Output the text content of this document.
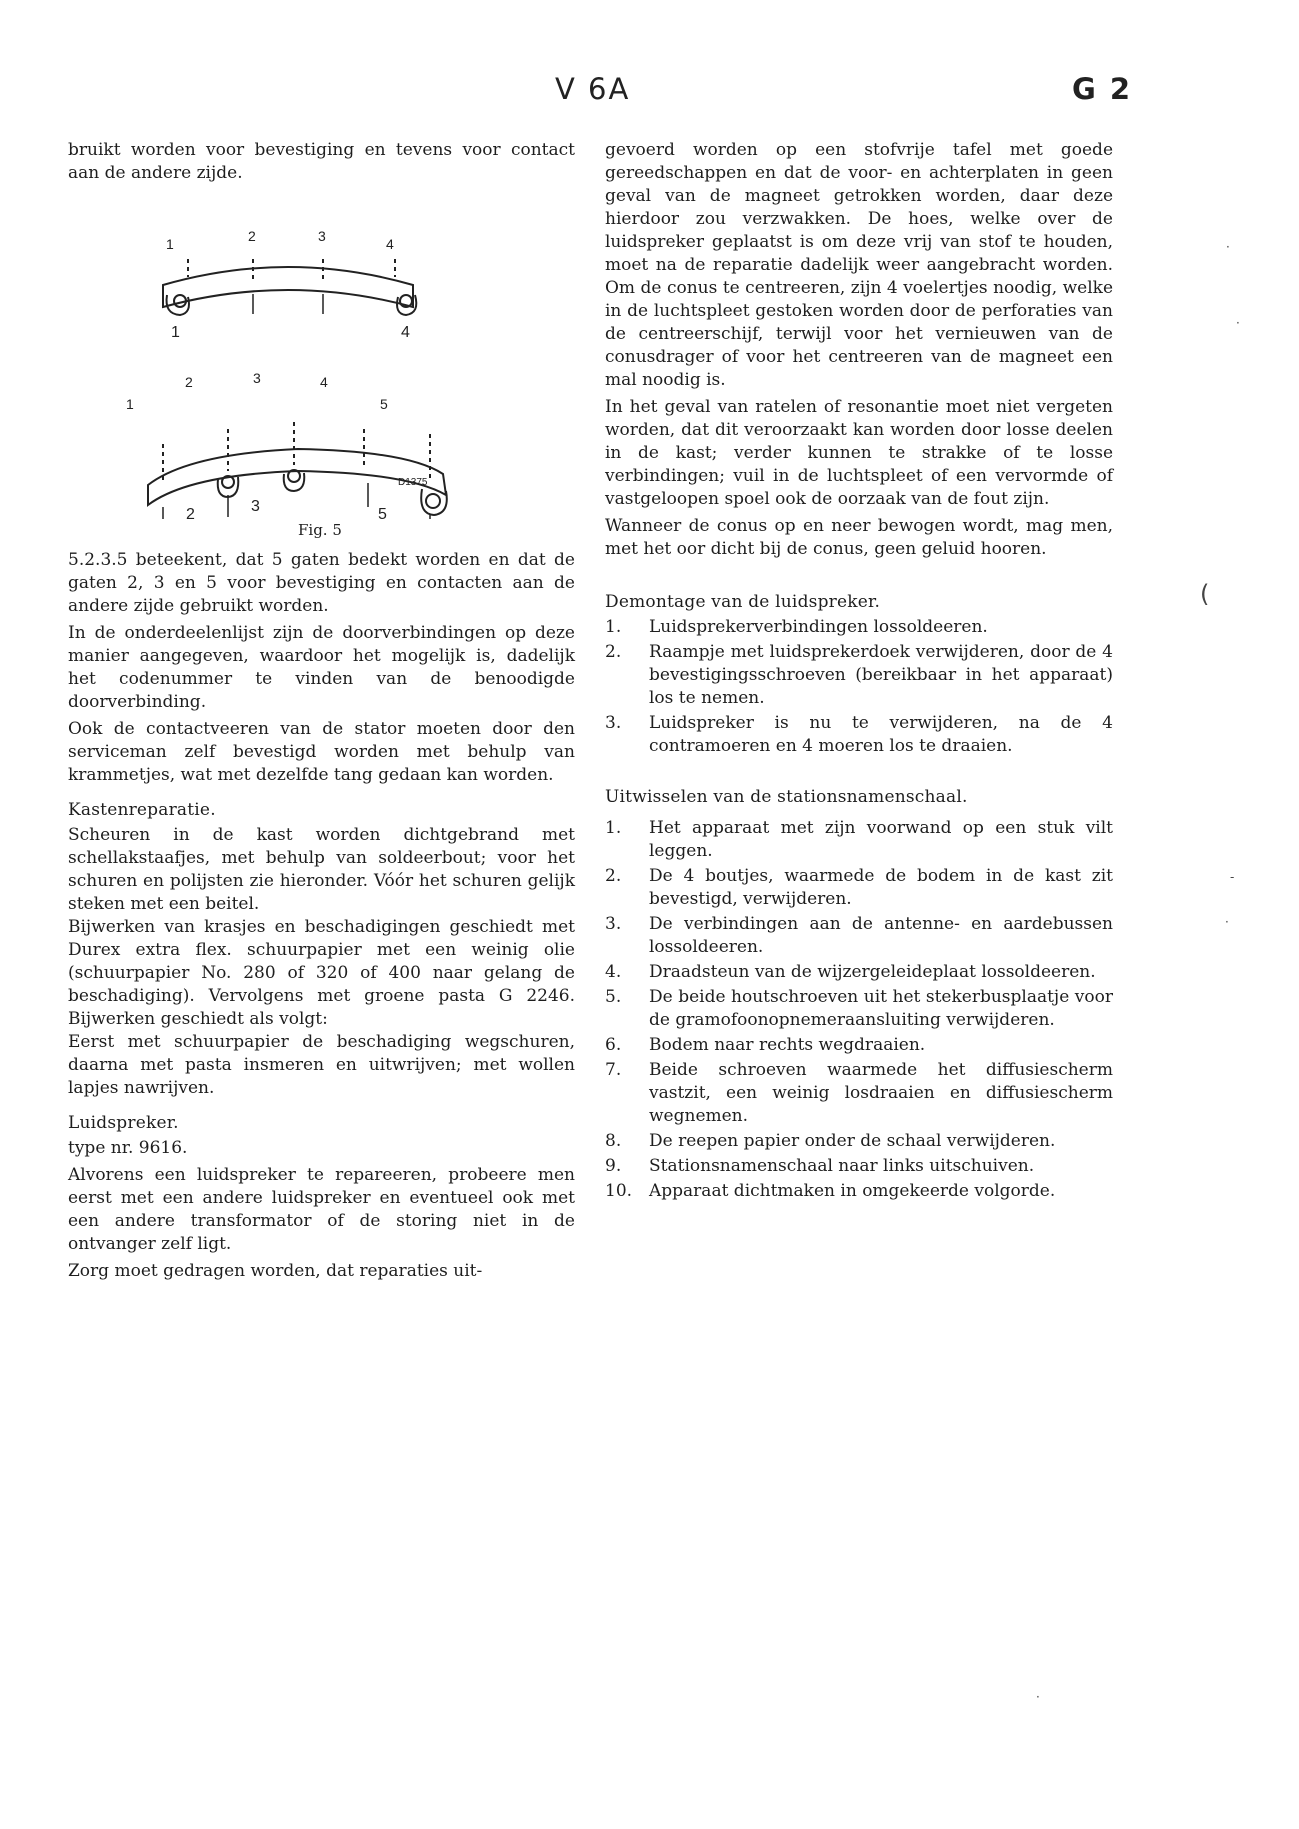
V 6A	G 2

bruikt worden voor bevestiging en tevens voor contact aan de andere zijde.

1	2	3	4
1	4
1
2	3	4
5
2	3	5
D1375
Fig. 5

5.2.3.5 beteekent, dat 5 gaten bedekt worden en dat de gaten 2, 3 en 5 voor bevestiging en contacten aan de andere zijde gebruikt worden.

In de onderdeelenlijst zijn de doorverbindingen op deze manier aangegeven, waardoor het mogelijk is, dadelijk het codenummer te vinden van de benoodigde doorverbinding.

Ook de contactveeren van de stator moeten door den serviceman zelf bevestigd worden met behulp van krammetjes, wat met dezelfde tang gedaan kan worden.

Kastenreparatie.

Scheuren in de kast worden dichtgebrand met schellakstaafjes, met behulp van soldeerbout; voor het schuren en polijsten zie hieronder. Vóór het schuren gelijk steken met een beitel.

Bijwerken van krasjes en beschadigingen geschiedt met Durex extra flex. schuurpapier met een weinig olie (schuurpapier No. 280 of 320 of 400 naar gelang de beschadiging). Vervolgens met groene pasta G 2246. Bijwerken geschiedt als volgt:

Eerst met schuurpapier de beschadiging wegschuren, daarna met pasta insmeren en uitwrijven; met wollen lapjes nawrijven.

Luidspreker.

type nr. 9616.

Alvorens een luidspreker te repareeren, probeere men eerst met een andere luidspreker en eventueel ook met een andere transformator of de storing niet in de ontvanger zelf ligt.

Zorg moet gedragen worden, dat reparaties uit-

gevoerd worden op een stofvrije tafel met goede gereedschappen en dat de voor- en achterplaten in geen geval van de magneet getrokken worden, daar deze hierdoor zou verzwakken. De hoes, welke over de luidspreker geplaatst is om deze vrij van stof te houden, moet na de reparatie dadelijk weer aangebracht worden. Om de conus te centreeren, zijn 4 voelertjes noodig, welke in de luchtspleet gestoken worden door de perforaties van de centreerschijf, terwijl voor het vernieuwen van de conusdrager of voor het centreeren van de magneet een mal noodig is.

In het geval van ratelen of resonantie moet niet vergeten worden, dat dit veroorzaakt kan worden door losse deelen in de kast; verder kunnen te strakke of te losse verbindingen; vuil in de luchtspleet of een vervormde of vastgeloopen spoel ook de oorzaak van de fout zijn.

Wanneer de conus op en neer bewogen wordt, mag men, met het oor dicht bij de conus, geen geluid hooren.

Demontage van de luidspreker.
1. Luidsprekerverbindingen lossoldeeren.
2. Raampje met luidsprekerdoek verwijderen, door de 4 bevestigingsschroeven (bereikbaar in het apparaat) los te nemen.
3. Luidspreker is nu te verwijderen, na de 4 contramoeren en 4 moeren los te draaien.
Uitwisselen van de stationsnamenschaal.
1. Het apparaat met zijn voorwand op een stuk vilt leggen.
2. De 4 boutjes, waarmede de bodem in de kast zit bevestigd, verwijderen.
3. De verbindingen aan de antenne- en aardebussen lossoldeeren.
4. Draadsteun van de wijzergeleideplaat lossoldeeren.
5. De beide houtschroeven uit het stekerbusplaatje voor de gramofoonopnemeraansluiting verwijderen.
6. Bodem naar rechts wegdraaien.
7. Beide schroeven waarmede het diffusiescherm vastzit, een weinig losdraaien en diffusiescherm wegnemen.
8. De reepen papier onder de schaal verwijderen.
9. Stationsnamenschaal naar links uitschuiven.
10. Apparaat dichtmaken in omgekeerde volgorde.
·
·
(
-
·
·
